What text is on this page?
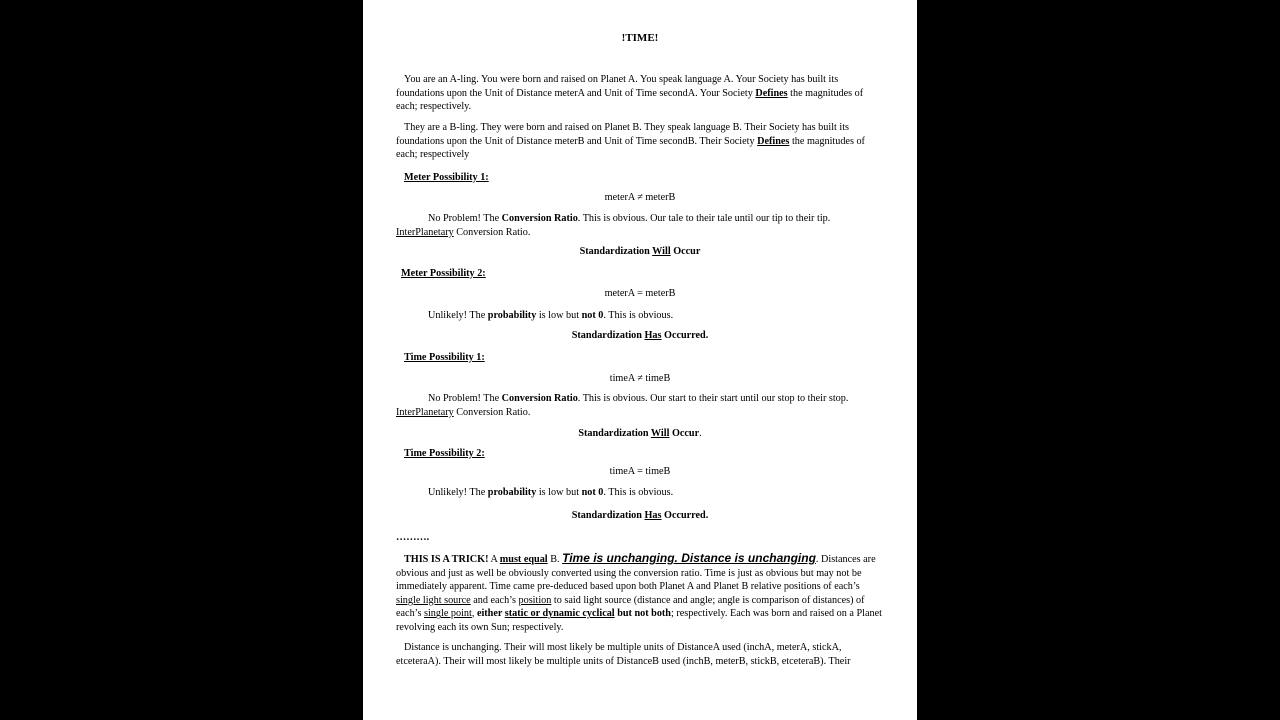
!TIME!

You are an A-ling. You were born and raised on Planet A. You speak language A. Your Society has built its foundations upon the Unit of Distance meterA and Unit of Time secondA. Your Society Defines the magnitudes of each; respectively.

They are a B-ling. They were born and raised on Planet B. They speak language B. Their Society has built its foundations upon the Unit of Distance meterB and Unit of Time secondB. Their Society Defines the magnitudes of each; respectively

Meter Possibility 1:

meterA ≠ meterB

No Problem! The Conversion Ratio. This is obvious. Our tale to their tale until our tip to their tip. InterPlanetary Conversion Ratio.

Standardization Will Occur

Meter Possibility 2:

meterA = meterB

Unlikely! The probability is low but not 0. This is obvious.

Standardization Has Occurred.

Time Possibility 1:

timeA ≠ timeB

No Problem! The Conversion Ratio. This is obvious. Our start to their start until our stop to their stop. InterPlanetary Conversion Ratio.

Standardization Will Occur.

Time Possibility 2:

timeA = timeB

Unlikely! The probability is low but not 0. This is obvious.

Standardization Has Occurred.

……….

THIS IS A TRICK! A must equal B. Time is unchanging. Distance is unchanging. Distances are obvious and just as well be obviously converted using the conversion ratio. Time is just as obvious but may not be immediately apparent. Time came pre-deduced based upon both Planet A and Planet B relative positions of each’s single light source and each’s position to said light source (distance and angle; angle is comparison of distances) of each’s single point, either static or dynamic cyclical but not both; respectively. Each was born and raised on a Planet revolving each its own Sun; respectively.

Distance is unchanging. Their will most likely be multiple units of DistanceA used (inchA, meterA, stickA, etceteraA). Their will most likely be multiple units of DistanceB used (inchB, meterB, stickB, etceteraB). Their
